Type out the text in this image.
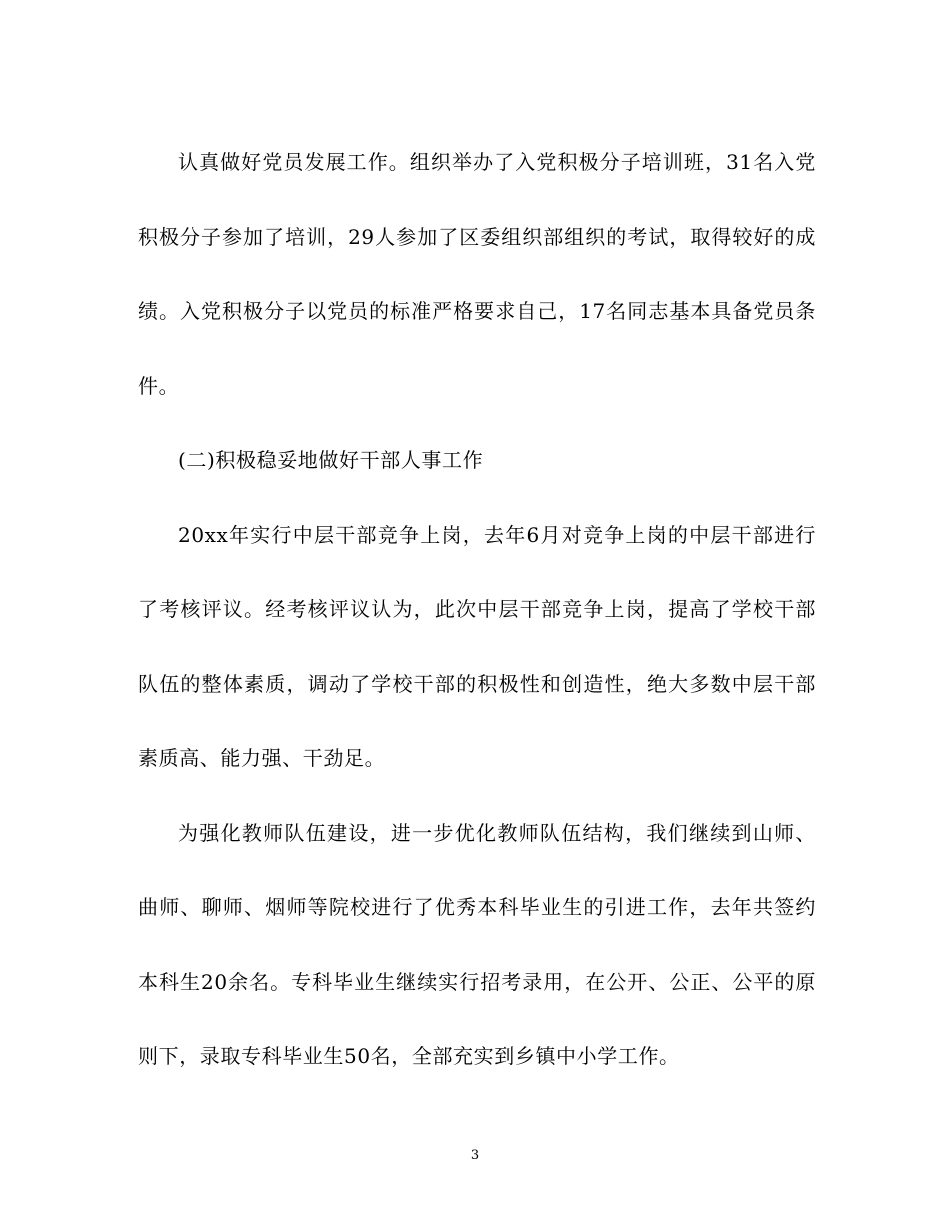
认真做好党员发展工作。组织举办了入党积极分子培训班，31名入党积极分子参加了培训，29人参加了区委组织部组织的考试，取得较好的成绩。入党积极分子以党员的标准严格要求自己，17名同志基本具备党员条件。

(二)积极稳妥地做好干部人事工作

20xx年实行中层干部竞争上岗，去年6月对竞争上岗的中层干部进行了考核评议。经考核评议认为，此次中层干部竞争上岗，提高了学校干部队伍的整体素质，调动了学校干部的积极性和创造性，绝大多数中层干部素质高、能力强、干劲足。

为强化教师队伍建设，进一步优化教师队伍结构，我们继续到山师、曲师、聊师、烟师等院校进行了优秀本科毕业生的引进工作，去年共签约本科生20余名。专科毕业生继续实行招考录用，在公开、公正、公平的原则下，录取专科毕业生50名，全部充实到乡镇中小学工作。

3
